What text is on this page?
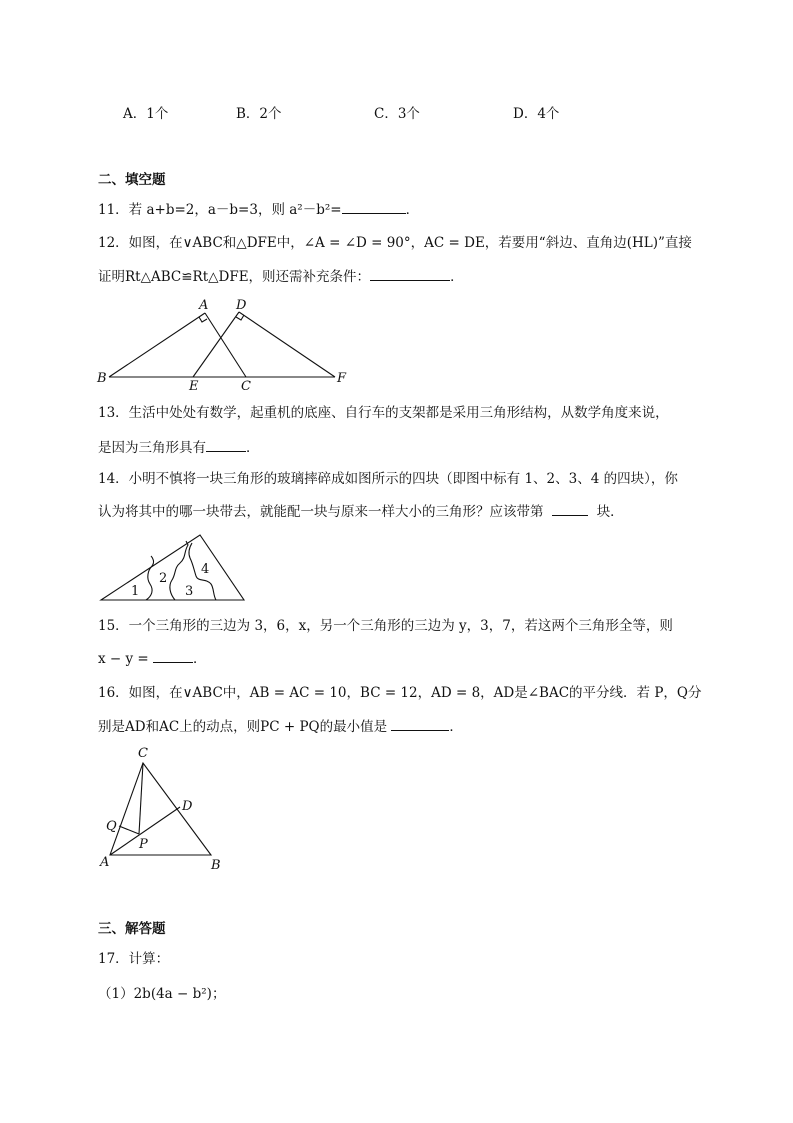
A．1个	B．2个	C．3个	D．4个
二、填空题
11．若 a+b=2，a－b=3，则 a²－b²=	．
12．如图，在∨ABC和△DFE中，∠A = ∠D = 90°，AC = DE，若要用“斜边、直角边(HL)”直接
证明Rt△ABC≌Rt△DFE，则还需补充条件：	．
A D
B
E	C
F
13．生活中处处有数学，起重机的底座、自行车的支架都是采用三角形结构，从数学角度来说，
是因为三角形具有	．
14．小明不慎将一块三角形的玻璃摔碎成如图所示的四块（即图中标有 1、2、3、4 的四块），你
认为将其中的哪一块带去，就能配一块与原来一样大小的三角形？应该带第	块．
1
2
3
4
15．一个三角形的三边为 3，6，x，另一个三角形的三边为 y，3，7，若这两个三角形全等，则
x − y =	．
16．如图，在∨ABC中，AB = AC = 10，BC = 12，AD = 8，AD是∠BAC的平分线．若 P，Q分
别是AD和AC上的动点，则PC + PQ的最小值是	．
C
D
Q
P
A	B
三、解答题
17．计算：
（1）2b(4a − b²)；
